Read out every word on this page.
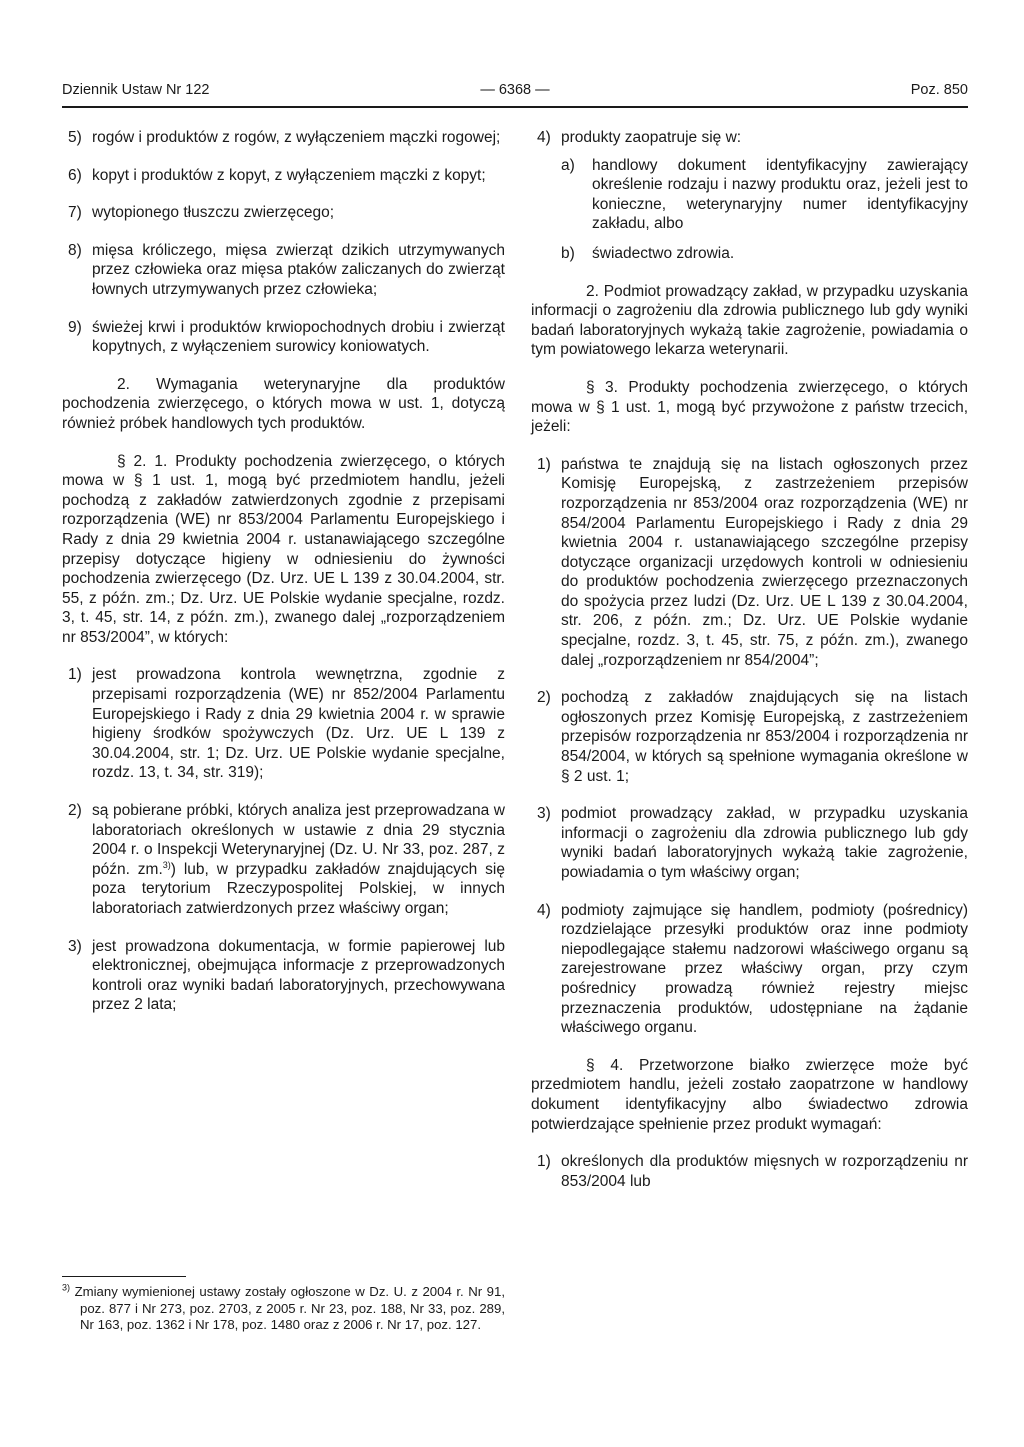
Dziennik Ustaw Nr 122	— 6368 —	Poz. 850

5) rogów i produktów z rogów, z wyłączeniem mączki rogowej;

6) kopyt i produktów z kopyt, z wyłączeniem mączki z kopyt;

7) wytopionego tłuszczu zwierzęcego;

8) mięsa króliczego, mięsa zwierząt dzikich utrzymywanych przez człowieka oraz mięsa ptaków zaliczanych do zwierząt łownych utrzymywanych przez człowieka;

9) świeżej krwi i produktów krwiopochodnych drobiu i zwierząt kopytnych, z wyłączeniem surowicy koniowatych.

2. Wymagania weterynaryjne dla produktów pochodzenia zwierzęcego, o których mowa w ust. 1, dotyczą również próbek handlowych tych produktów.

§ 2. 1. Produkty pochodzenia zwierzęcego, o których mowa w § 1 ust. 1, mogą być przedmiotem handlu, jeżeli pochodzą z zakładów zatwierdzonych zgodnie z przepisami rozporządzenia (WE) nr 853/2004 Parlamentu Europejskiego i Rady z dnia 29 kwietnia 2004 r. ustanawiającego szczególne przepisy dotyczące higieny w odniesieniu do żywności pochodzenia zwierzęcego (Dz. Urz. UE L 139 z 30.04.2004, str. 55, z późn. zm.; Dz. Urz. UE Polskie wydanie specjalne, rozdz. 3, t. 45, str. 14, z późn. zm.), zwanego dalej „rozporządzeniem nr 853/2004”, w których:

1) jest prowadzona kontrola wewnętrzna, zgodnie z przepisami rozporządzenia (WE) nr 852/2004 Parlamentu Europejskiego i Rady z dnia 29 kwietnia 2004 r. w sprawie higieny środków spożywczych (Dz. Urz. UE L 139 z 30.04.2004, str. 1; Dz. Urz. UE Polskie wydanie specjalne, rozdz. 13, t. 34, str. 319);

2) są pobierane próbki, których analiza jest przeprowadzana w laboratoriach określonych w ustawie z dnia 29 stycznia 2004 r. o Inspekcji Weterynaryjnej (Dz. U. Nr 33, poz. 287, z późn. zm.$^{3)}$) lub, w przypadku zakładów znajdujących się poza terytorium Rzeczypospolitej Polskiej, w innych laboratoriach zatwierdzonych przez właściwy organ;

3) jest prowadzona dokumentacja, w formie papierowej lub elektronicznej, obejmująca informacje z przeprowadzonych kontroli oraz wyniki badań laboratoryjnych, przechowywana przez 2 lata;

$^{3)}$ Zmiany wymienionej ustawy zostały ogłoszone w Dz. U. z 2004 r. Nr 91, poz. 877 i Nr 273, poz. 2703, z 2005 r. Nr 23, poz. 188, Nr 33, poz. 289, Nr 163, poz. 1362 i Nr 178, poz. 1480 oraz z 2006 r. Nr 17, poz. 127.

4) produkty zaopatruje się w:

a) handlowy dokument identyfikacyjny zawierający określenie rodzaju i nazwy produktu oraz, jeżeli jest to konieczne, weterynaryjny numer identyfikacyjny zakładu, albo

b) świadectwo zdrowia.

2. Podmiot prowadzący zakład, w przypadku uzyskania informacji o zagrożeniu dla zdrowia publicznego lub gdy wyniki badań laboratoryjnych wykażą takie zagrożenie, powiadamia o tym powiatowego lekarza weterynarii.

§ 3. Produkty pochodzenia zwierzęcego, o których mowa w § 1 ust. 1, mogą być przywożone z państw trzecich, jeżeli:

1) państwa te znajdują się na listach ogłoszonych przez Komisję Europejską, z zastrzeżeniem przepisów rozporządzenia nr 853/2004 oraz rozporządzenia (WE) nr 854/2004 Parlamentu Europejskiego i Rady z dnia 29 kwietnia 2004 r. ustanawiającego szczególne przepisy dotyczące organizacji urzędowych kontroli w odniesieniu do produktów pochodzenia zwierzęcego przeznaczonych do spożycia przez ludzi (Dz. Urz. UE L 139 z 30.04.2004, str. 206, z późn. zm.; Dz. Urz. UE Polskie wydanie specjalne, rozdz. 3, t. 45, str. 75, z późn. zm.), zwanego dalej „rozporządzeniem nr 854/2004”;

2) pochodzą z zakładów znajdujących się na listach ogłoszonych przez Komisję Europejską, z zastrzeżeniem przepisów rozporządzenia nr 853/2004 i rozporządzenia nr 854/2004, w których są spełnione wymagania określone w § 2 ust. 1;

3) podmiot prowadzący zakład, w przypadku uzyskania informacji o zagrożeniu dla zdrowia publicznego lub gdy wyniki badań laboratoryjnych wykażą takie zagrożenie, powiadamia o tym właściwy organ;

4) podmioty zajmujące się handlem, podmioty (pośrednicy) rozdzielające przesyłki produktów oraz inne podmioty niepodlegające stałemu nadzorowi właściwego organu są zarejestrowane przez właściwy organ, przy czym pośrednicy prowadzą również rejestry miejsc przeznaczenia produktów, udostępniane na żądanie właściwego organu.

§ 4. Przetworzone białko zwierzęce może być przedmiotem handlu, jeżeli zostało zaopatrzone w handlowy dokument identyfikacyjny albo świadectwo zdrowia potwierdzające spełnienie przez produkt wymagań:

1) określonych dla produktów mięsnych w rozporządzeniu nr 853/2004 lub
